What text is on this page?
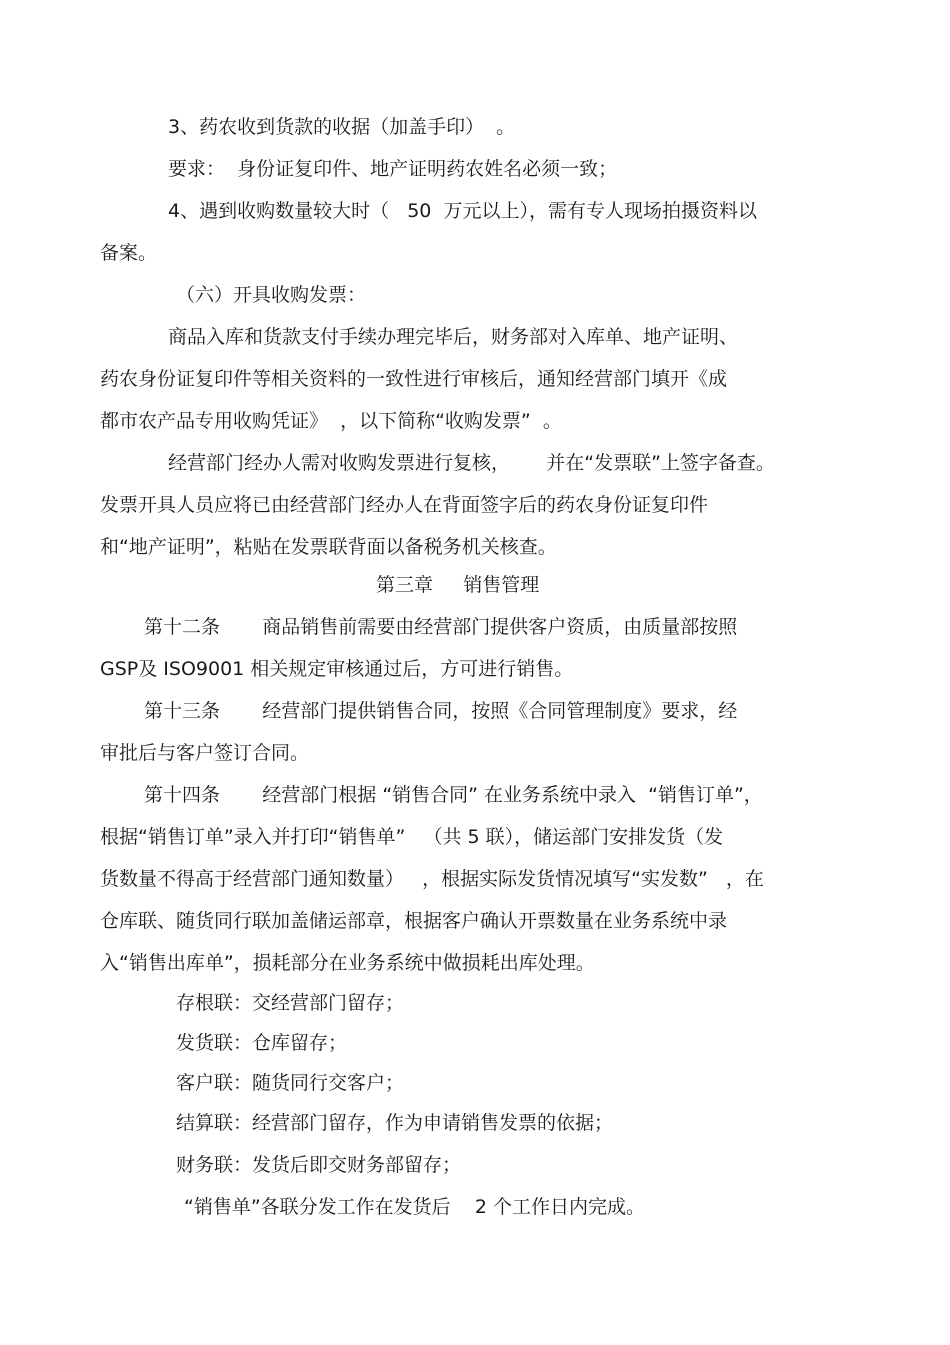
3、药农收到货款的收据（加盖手印）  。
要求：  身份证复印件、地产证明药农姓名必须一致；
4、遇到收购数量较大时（   50  万元以上），需有专人现场拍摄资料以
备案。
（六）开具收购发票：
商品入库和货款支付手续办理完毕后，财务部对入库单、地产证明、
药农身份证复印件等相关资料的一致性进行审核后，通知经营部门填开《成
都市农产品专用收购凭证》  ，以下简称“收购发票”  。
经营部门经办人需对收购发票进行复核，      并在“发票联”上签字备查。
发票开具人员应将已由经营部门经办人在背面签字后的药农身份证复印件
和“地产证明”，粘贴在发票联背面以备税务机关核查。
第三章     销售管理
第十二条       商品销售前需要由经营部门提供客户资质，由质量部按照
GSP及 ISO9001 相关规定审核通过后，方可进行销售。
第十三条       经营部门提供销售合同，按照《合同管理制度》要求，经
审批后与客户签订合同。
第十四条       经营部门根据 “销售合同” 在业务系统中录入  “销售订单”，
根据“销售订单”录入并打印“销售单”   （共 5 联），储运部门安排发货（发
货数量不得高于经营部门通知数量）   ，根据实际发货情况填写“实发数”   ，在
仓库联、随货同行联加盖储运部章，根据客户确认开票数量在业务系统中录
入“销售出库单”，损耗部分在业务系统中做损耗出库处理。
存根联：交经营部门留存；
发货联：仓库留存；
客户联：随货同行交客户；
结算联：经营部门留存，作为申请销售发票的依据；
财务联：发货后即交财务部留存；
“销售单”各联分发工作在发货后    2 个工作日内完成。
